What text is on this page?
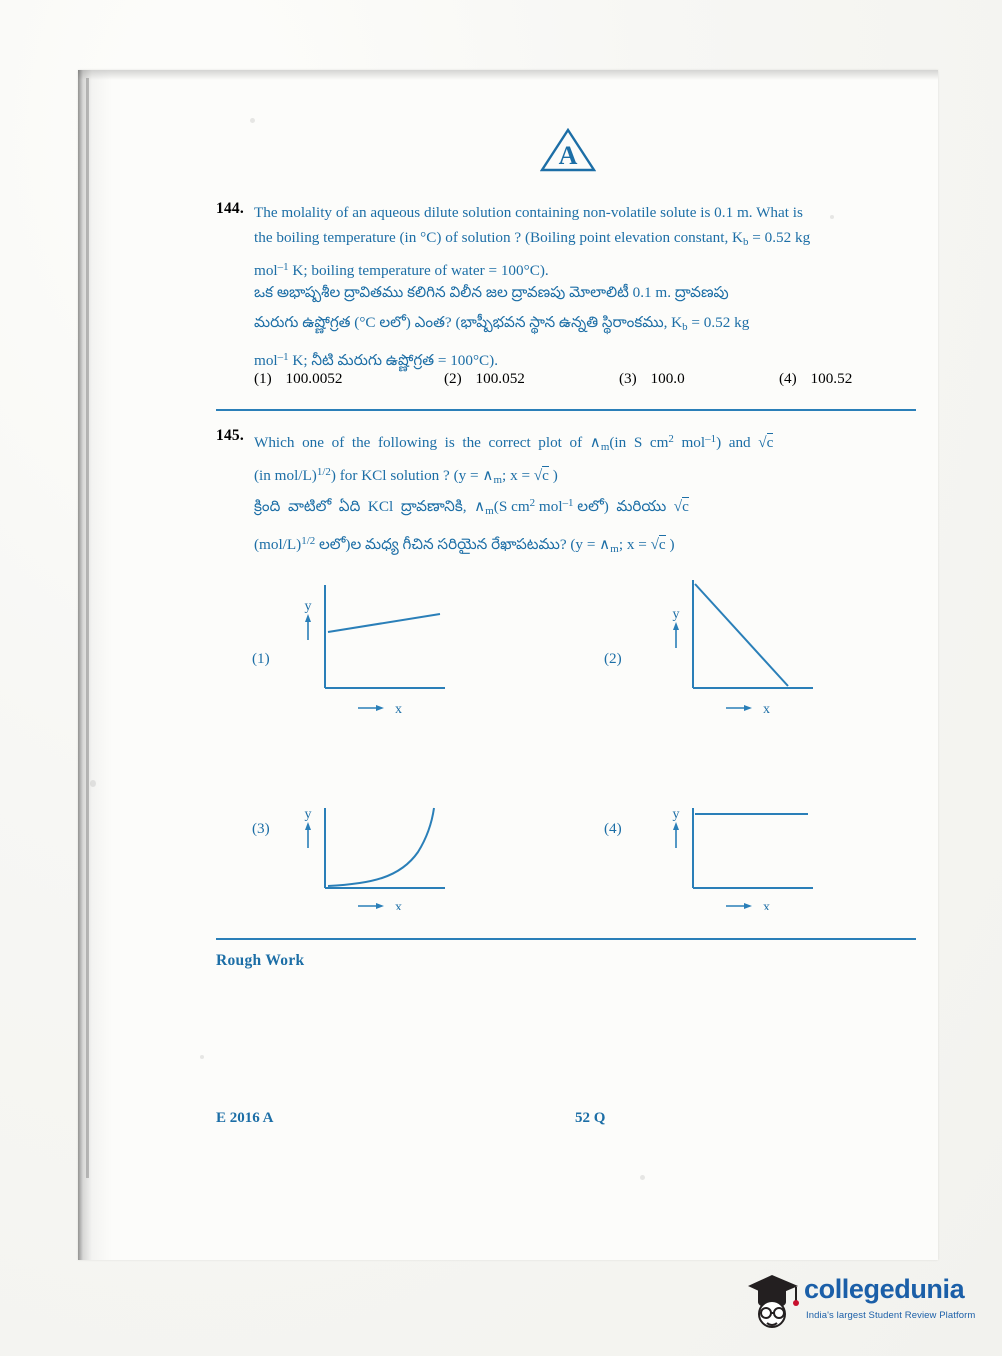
A
144. The molality of an aqueous dilute solution containing non-volatile solute is 0.1 m. What is
the boiling temperature (in °C) of solution ? (Boiling point elevation constant, $K_b = 0.52$ kg
mol$^{-1}$ K; boiling temperature of water = 100°C).
ఒక అభాష్పశీల ద్రావితము కలిగిన విలీన జల ద్రావణపు మోలాలిటీ 0.1 m. ద్రావణపు
మరుగు ఉష్ణోగ్రత (°C లలో) ఎంత? (భాష్పీభవన స్థాన ఉన్నతి స్థిరాంకము, $K_b = 0.52$ kg
mol$^{-1}$ K; నీటి మరుగు ఉష్ణోగ్రత = 100°C).
(1) 100.0052	(2) 100.052	(3) 100.0	(4) 100.52
145. Which  one  of  the  following  is  the  correct  plot  of  $\wedge_m(in$  S  $cm^2$  mol$^{-1}$)  and  √c
(in mol/L)$^{1/2}$) for KCl solution ? ($y = \wedge_m$; x = √c )
క్రింది  వాటిలో  ఏది  KCl  ద్రావణానికి,  $\wedge_m(S$ $cm^2$ mol$^{-1}$ లలో)  మరియు  √c
$(mol/L)^{1/2}$ లలో)ల మధ్య గీచిన సరియైన రేఖాపటము? ($y = \wedge_m$; x = √c )
(1)
y
x
(2)
y
x
(3)
y
x
(4)
y
x
Rough Work
E 2016 A	52 Q
collegedunia
India's largest Student Review Platform
